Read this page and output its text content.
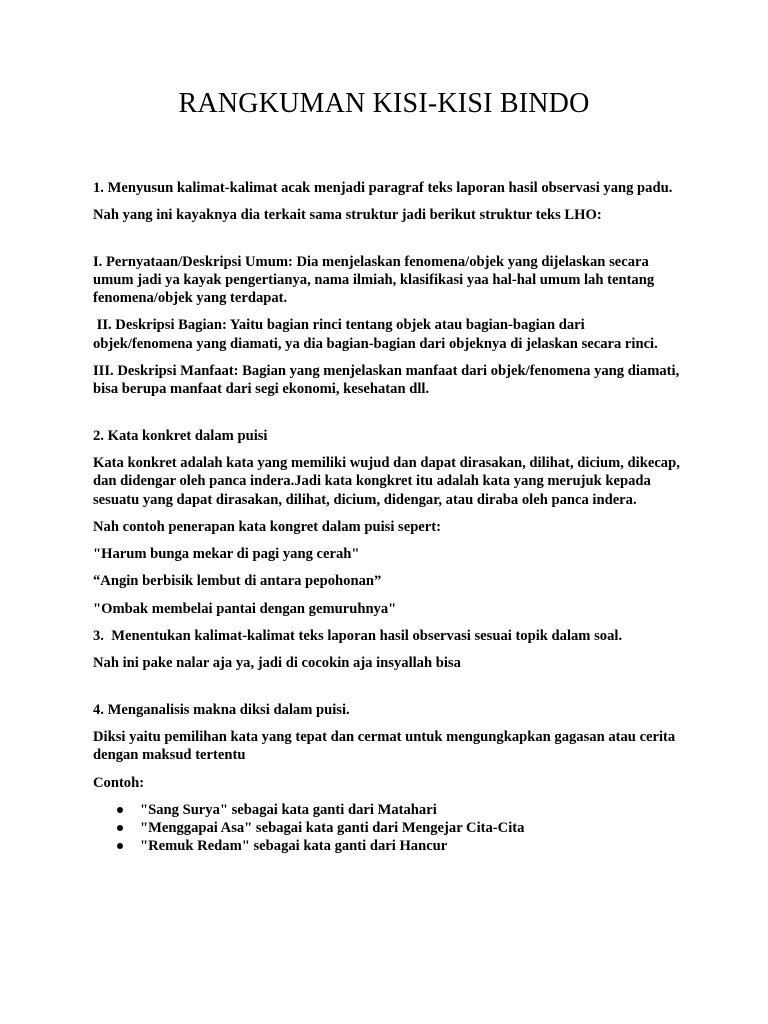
RANGKUMAN KISI-KISI BINDO

1. Menyusun kalimat-kalimat acak menjadi paragraf teks laporan hasil observasi yang padu.

Nah yang ini kayaknya dia terkait sama struktur jadi berikut struktur teks LHO:

I. Pernyataan/Deskripsi Umum: Dia menjelaskan fenomena/objek yang dijelaskan secara umum jadi ya kayak pengertianya, nama ilmiah, klasifikasi yaa hal-hal umum lah tentang fenomena/objek yang terdapat.

II. Deskripsi Bagian: Yaitu bagian rinci tentang objek atau bagian-bagian dari objek/fenomena yang diamati, ya dia bagian-bagian dari objeknya di jelaskan secara rinci.

III. Deskripsi Manfaat: Bagian yang menjelaskan manfaat dari objek/fenomena yang diamati, bisa berupa manfaat dari segi ekonomi, kesehatan dll.

2. Kata konkret dalam puisi

Kata konkret adalah kata yang memiliki wujud dan dapat dirasakan, dilihat, dicium, dikecap, dan didengar oleh panca indera.Jadi kata kongkret itu adalah kata yang merujuk kepada sesuatu yang dapat dirasakan, dilihat, dicium, didengar, atau diraba oleh panca indera.

Nah contoh penerapan kata kongret dalam puisi sepert:

"Harum bunga mekar di pagi yang cerah"

“Angin berbisik lembut di antara pepohonan”

"Ombak membelai pantai dengan gemuruhnya"

3.  Menentukan kalimat-kalimat teks laporan hasil observasi sesuai topik dalam soal.

Nah ini pake nalar aja ya, jadi di cocokin aja insyallah bisa

4. Menganalisis makna diksi dalam puisi.

Diksi yaitu pemilihan kata yang tepat dan cermat untuk mengungkapkan gagasan atau cerita dengan maksud tertentu

Contoh:

"Sang Surya" sebagai kata ganti dari Matahari
"Menggapai Asa" sebagai kata ganti dari Mengejar Cita-Cita
"Remuk Redam" sebagai kata ganti dari Hancur
